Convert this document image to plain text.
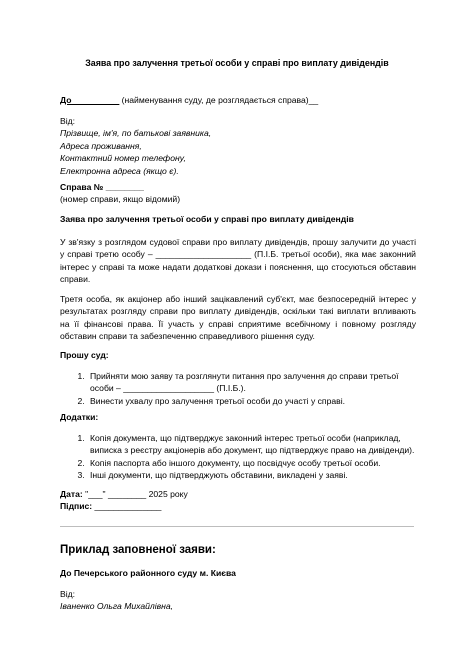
Заява про залучення третьої особи у справі про виплату дивідендів
До__________ (найменування суду, де розглядається справа)__
Від:
Прізвище, ім'я, по батькові заявника,
Адреса проживання,
Контактний номер телефону,
Електронна адреса (якщо є).
Справа № ________
(номер справи, якщо відомий)
Заява про залучення третьої особи у справі про виплату дивідендів
У зв'язку з розглядом судової справи про виплату дивідендів, прошу залучити до участі у справі третю особу – ____________________ (П.І.Б. третьої особи), яка має законний інтерес у справі та може надати додаткові докази і пояснення, що стосуються обставин справи.
Третя особа, як акціонер або інший зацікавлений суб'єкт, має безпосередній інтерес у результатах розгляду справи про виплату дивідендів, оскільки такі виплати впливають на її фінансові права. Її участь у справі сприятиме всебічному і повному розгляду обставин справи та забезпеченню справедливого рішення суду.
Прошу суд:
1. Прийняти мою заяву та розглянути питання про залучення до справи третьої особи – ___________________ (П.І.Б.).
2. Винести ухвалу про залучення третьої особи до участі у справі.
Додатки:
1. Копія документа, що підтверджує законний інтерес третьої особи (наприклад, виписка з реєстру акціонерів або документ, що підтверджує право на дивіденди).
2. Копія паспорта або іншого документу, що посвідчує особу третьої особи.
3. Інші документи, що підтверджують обставини, викладені у заяві.
Дата: "___" ________ 2025 року
Підпис: ______________
Приклад заповненої заяви:
До Печерського районного суду м. Києва
Від:
Іваненко Ольга Михайлівна,
